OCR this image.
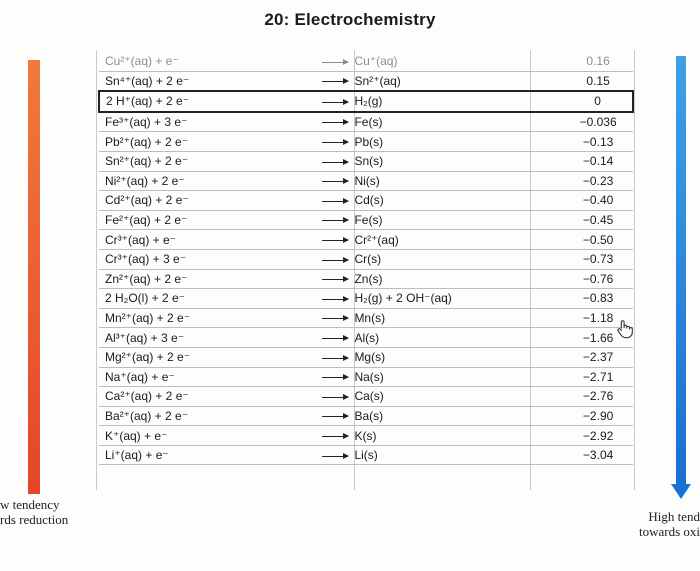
20: Electrochemistry
Cu²⁺(aq) + e⁻	Cu⁺(aq)	0.16
Sn⁴⁺(aq) + 2 e⁻	Sn²⁺(aq)	0.15
2 H⁺(aq) + 2 e⁻	H₂(g)	0
Fe³⁺(aq) + 3 e⁻	Fe(s)	−0.036
Pb²⁺(aq) + 2 e⁻	Pb(s)	−0.13
Sn²⁺(aq) + 2 e⁻	Sn(s)	−0.14
Ni²⁺(aq) + 2 e⁻	Ni(s)	−0.23
Cd²⁺(aq) + 2 e⁻	Cd(s)	−0.40
Fe²⁺(aq) + 2 e⁻	Fe(s)	−0.45
Cr³⁺(aq) + e⁻	Cr²⁺(aq)	−0.50
Cr³⁺(aq) + 3 e⁻	Cr(s)	−0.73
Zn²⁺(aq) + 2 e⁻	Zn(s)	−0.76
2 H₂O(l) + 2 e⁻	H₂(g) + 2 OH⁻(aq)	−0.83
Mn²⁺(aq) + 2 e⁻	Mn(s)	−1.18
Al³⁺(aq) + 3 e⁻	Al(s)	−1.66
Mg²⁺(aq) + 2 e⁻	Mg(s)	−2.37
Na⁺(aq) + e⁻	Na(s)	−2.71
Ca²⁺(aq) + 2 e⁻	Ca(s)	−2.76
Ba²⁺(aq) + 2 e⁻	Ba(s)	−2.90
K⁺(aq) + e⁻	K(s)	−2.92
Li⁺(aq) + e⁻	Li(s)	−3.04
w tendency
rds reduction	High tend
towards oxi
